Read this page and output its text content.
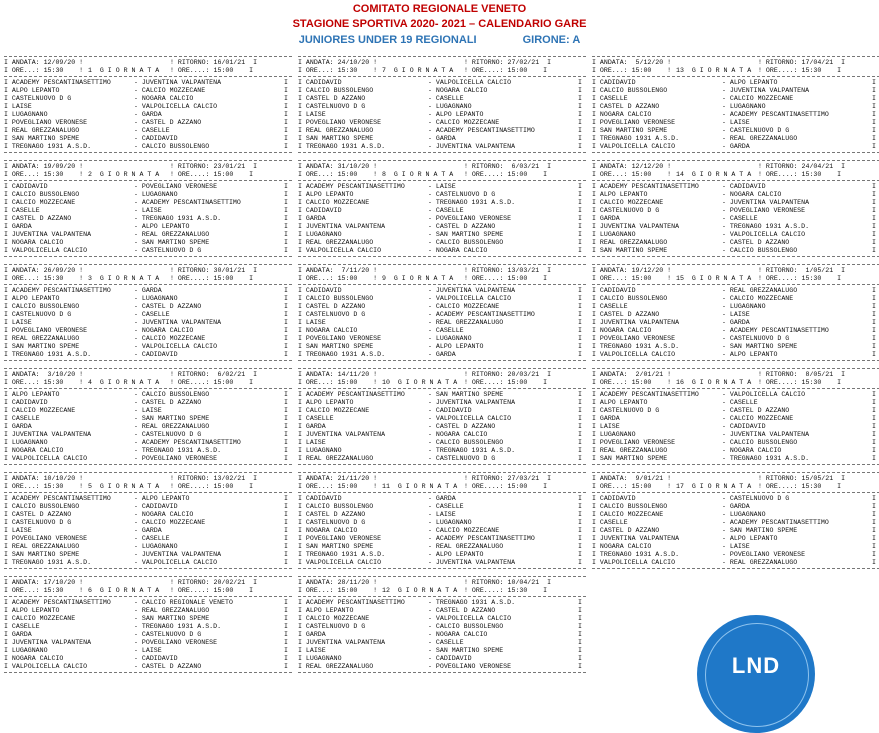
COMITATO REGIONALE VENETO
STAGIONE SPORTIVA 2020- 2021 – CALENDARIO GARE
JUNIORES UNDER 19 REGIONALI	GIRONE: A
I ANDATA: 12/09/20 !	! RITORNO: 16/01/21  I
I ORE...: 15:30    ! 1  G I O R N A T A ! ORE....: 15:00    I
I ACADEMY PESCANTINASETTIMO	- JUVENTINA VALPANTENA	I
I ALPO LEPANTO	- CALCIO MOZZECANE	I
I CASTELNUOVO D G	- NOGARA CALCIO	I
I LAISE	- VALPOLICELLA CALCIO	I
I LUGAGNANO	- GARDA	I
I POVEGLIANO VERONESE	- CASTEL D AZZANO	I
I REAL GREZZANALUGO	- CASELLE	I
I SAN MARTINO SPEME	- CADIDAVID	I
I TREGNAGO 1931 A.S.D.	- CALCIO BUSSOLENGO	I
I ANDATA: 19/09/20 !	! RITORNO: 23/01/21  I
I ORE...: 15:30    ! 2  G I O R N A T A ! ORE....: 15:00    I
I CADIDAVID	- POVEGLIANO VERONESE	I
I CALCIO BUSSOLENGO	- LUGAGNANO	I
I CALCIO MOZZECANE	- ACADEMY PESCANTINASETTIMO	I
I CASELLE	- LAISE	I
I CASTEL D AZZANO	- TREGNAGO 1931 A.S.D.	I
I GARDA	- ALPO LEPANTO	I
I JUVENTINA VALPANTENA	- REAL GREZZANALUGO	I
I NOGARA CALCIO	- SAN MARTINO SPEME	I
I VALPOLICELLA CALCIO	- CASTELNUOVO D G	I
I ANDATA: 26/09/20 !	! RITORNO: 30/01/21  I
I ORE...: 15:30    ! 3  G I O R N A T A ! ORE....: 15:00    I
I ACADEMY PESCANTINASETTIMO	- GARDA	I
I ALPO LEPANTO	- LUGAGNANO	I
I CALCIO BUSSOLENGO	- CASTEL D AZZANO	I
I CASTELNUOVO D G	- CASELLE	I
I LAISE	- JUVENTINA VALPANTENA	I
I POVEGLIANO VERONESE	- NOGARA CALCIO	I
I REAL GREZZANALUGO	- CALCIO MOZZECANE	I
I SAN MARTINO SPEME	- VALPOLICELLA CALCIO	I
I TREGNAGO 1931 A.S.D.	- CADIDAVID	I
I ANDATA:  3/10/20 !	! RITORNO:  6/02/21  I
I ORE...: 15:30    ! 4  G I O R N A T A ! ORE....: 15:00    I
I ALPO LEPANTO	- CALCIO BUSSOLENGO	I
I CADIDAVID	- CASTEL D AZZANO	I
I CALCIO MOZZECANE	- LAISE	I
I CASELLE	- SAN MARTINO SPEME	I
I GARDA	- REAL GREZZANALUGO	I
I JUVENTINA VALPANTENA	- CASTELNUOVO D G	I
I LUGAGNANO	- ACADEMY PESCANTINASETTIMO	I
I NOGARA CALCIO	- TREGNAGO 1931 A.S.D.	I
I VALPOLICELLA CALCIO	- POVEGLIANO VERONESE	I
I ANDATA: 10/10/20 !	! RITORNO: 13/02/21  I
I ORE...: 15:30    ! 5  G I O R N A T A ! ORE....: 15:00    I
I ACADEMY PESCANTINASETTIMO	- ALPO LEPANTO	I
I CALCIO BUSSOLENGO	- CADIDAVID	I
I CASTEL D AZZANO	- NOGARA CALCIO	I
I CASTELNUOVO D G	- CALCIO MOZZECANE	I
I LAISE	- GARDA	I
I POVEGLIANO VERONESE	- CASELLE	I
I REAL GREZZANALUGO	- LUGAGNANO	I
I SAN MARTINO SPEME	- JUVENTINA VALPANTENA	I
I TREGNAGO 1931 A.S.D.	- VALPOLICELLA CALCIO	I
I ANDATA: 17/10/20 !	! RITORNO: 20/02/21  I
I ORE...: 15:30    ! 6  G I O R N A T A ! ORE....: 15:00    I
I ACADEMY PESCANTINASETTIMO	- CALCIO REGIONALE VENETO	I
I ALPO LEPANTO	- REAL GREZZANALUGO	I
I CALCIO MOZZECANE	- SAN MARTINO SPEME	I
I CASELLE	- TREGNAGO 1931 A.S.D.	I
I GARDA	- CASTELNUOVO D G	I
I JUVENTINA VALPANTENA	- POVEGLIANO VERONESE	I
I LUGAGNANO	- LAISE	I
I NOGARA CALCIO	- CADIDAVID	I
I VALPOLICELLA CALCIO	- CASTEL D AZZANO	I
I ANDATA: 24/10/20 !	! RITORNO: 27/02/21  I
I ORE...: 15:30    ! 7  G I O R N A T A ! ORE....: 15:00    I
I CADIDAVID	- VALPOLICELLA CALCIO	I
I CALCIO BUSSOLENGO	- NOGARA CALCIO	I
I CASTEL D AZZANO	- CASELLE	I
I CASTELNUOVO D G	- LUGAGNANO	I
I LAISE	- ALPO LEPANTO	I
I POVEGLIANO VERONESE	- CALCIO MOZZECANE	I
I REAL GREZZANALUGO	- ACADEMY PESCANTINASETTIMO	I
I SAN MARTINO SPEME	- GARDA	I
I TREGNAGO 1931 A.S.D.	- JUVENTINA VALPANTENA	I
I ANDATA: 31/10/20 !	! RITORNO:  6/03/21  I
I ORE...: 15:00    ! 8  G I O R N A T A ! ORE....: 15:00    I
I ACADEMY PESCANTINASETTIMO	- LAISE	I
I ALPO LEPANTO	- CASTELNUOVO D G	I
I CALCIO MOZZECANE	- TREGNAGO 1931 A.S.D.	I
I CADIDAVID	- CASELLE	I
I GARDA	- POVEGLIANO VERONESE	I
I JUVENTINA VALPANTENA	- CASTEL D AZZANO	I
I LUGAGNANO	- SAN MARTINO SPEME	I
I REAL GREZZANALUGO	- CALCIO BUSSOLENGO	I
I VALPOLICELLA CALCIO	- NOGARA CALCIO	I
I ANDATA:  7/11/20 !	! RITORNO: 13/03/21  I
I ORE...: 15:00    ! 9  G I O R N A T A ! ORE....: 15:00    I
I CADIDAVID	- JUVENTINA VALPANTENA	I
I CALCIO BUSSOLENGO	- VALPOLICELLA CALCIO	I
I CASTEL D AZZANO	- CALCIO MOZZECANE	I
I CASTELNUOVO D G	- ACADEMY PESCANTINASETTIMO	I
I LAISE	- REAL GREZZANALUGO	I
I NOGARA CALCIO	- CASELLE	I
I POVEGLIANO VERONESE	- LUGAGNANO	I
I SAN MARTINO SPEME	- ALPO LEPANTO	I
I TREGNAGO 1931 A.S.D.	- GARDA	I
I ANDATA: 14/11/20 !	! RITORNO: 20/03/21  I
I ORE...: 15:00    ! 10  G I O R N A T A ! ORE....: 15:00    I
I ACADEMY PESCANTINASETTIMO	- SAN MARTINO SPEME	I
I ALPO LEPANTO	- JUVENTINA VALPANTENA	I
I CALCIO MOZZECANE	- CADIDAVID	I
I CASELLE	- VALPOLICELLA CALCIO	I
I GARDA	- CASTEL D AZZANO	I
I JUVENTINA VALPANTENA	- NOGARA CALCIO	I
I LAISE	- CALCIO BUSSOLENGO	I
I LUGAGNANO	- TREGNAGO 1931 A.S.D.	I
I REAL GREZZANALUGO	- CASTELNUOVO D G	I
I ANDATA: 21/11/20 !	! RITORNO: 27/03/21  I
I ORE...: 15:00    ! 11  G I O R N A T A ! ORE....: 15:00    I
I CADIDAVID	- GARDA	I
I CALCIO BUSSOLENGO	- CASELLE	I
I CASTEL D AZZANO	- LAISE	I
I CASTELNUOVO D G	- LUGAGNANO	I
I NOGARA CALCIO	- CALCIO MOZZECANE	I
I POVEGLIANO VERONESE	- ACADEMY PESCANTINASETTIMO	I
I SAN MARTINO SPEME	- REAL GREZZANALUGO	I
I TREGNAGO 1931 A.S.D.	- ALPO LEPANTO	I
I VALPOLICELLA CALCIO	- JUVENTINA VALPANTENA	I
I ANDATA: 28/11/20 !	! RITORNO: 10/04/21  I
I ORE...: 15:00    ! 12  G I O R N A T A ! ORE....: 15:30    I
I ACADEMY PESCANTINASETTIMO	- TREGNAGO 1931 A.S.D.	I
I ALPO LEPANTO	- CASTEL D AZZANO	I
I CALCIO MOZZECANE	- VALPOLICELLA CALCIO	I
I CASTELNUOVO D G	- CALCIO BUSSOLENGO	I
I GARDA	- NOGARA CALCIO	I
I JUVENTINA VALPANTENA	- CASELLE	I
I LAISE	- SAN MARTINO SPEME	I
I LUGAGNANO	- CADIDAVID	I
I REAL GREZZANALUGO	- POVEGLIANO VERONESE	I
I ANDATA:  5/12/20 !	! RITORNO: 17/04/21  I
I ORE...: 15:00    ! 13  G I O R N A T A ! ORE....: 15:30    I
I CADIDAVID	- ALPO LEPANTO	I
I CALCIO BUSSOLENGO	- JUVENTINA VALPANTENA	I
I CASELLE	- CALCIO MOZZECANE	I
I CASTEL D AZZANO	- LUGAGNANO	I
I NOGARA CALCIO	- ACADEMY PESCANTINASETTIMO	I
I POVEGLIANO VERONESE	- LAISE	I
I SAN MARTINO SPEME	- CASTELNUOVO D G	I
I TREGNAGO 1931 A.S.D.	- REAL GREZZANALUGO	I
I VALPOLICELLA CALCIO	- GARDA	I
I ANDATA: 12/12/20 !	! RITORNO: 24/04/21  I
I ORE...: 15:00    ! 14  G I O R N A T A ! ORE....: 15:30    I
I ACADEMY PESCANTINASETTIMO	- CADIDAVID	I
I ALPO LEPANTO	- NOGARA CALCIO	I
I CALCIO MOZZECANE	- JUVENTINA VALPANTENA	I
I CASTELNUOVO D G	- POVEGLIANO VERONESE	I
I GARDA	- CASELLE	I
I JUVENTINA VALPANTENA	- TREGNAGO 1931 A.S.D.	I
I LUGAGNANO	- VALPOLICELLA CALCIO	I
I REAL GREZZANALUGO	- CASTEL D AZZANO	I
I SAN MARTINO SPEME	- CALCIO BUSSOLENGO	I
I ANDATA: 19/12/20 !	! RITORNO:  1/05/21  I
I ORE...: 15:00    ! 15  G I O R N A T A ! ORE....: 15:30    I
I CADIDAVID	- REAL GREZZANALUGO	I
I CALCIO BUSSOLENGO	- CALCIO MOZZECANE	I
I CASELLE	- LUGAGNANO	I
I CASTEL D AZZANO	- LAISE	I
I JUVENTINA VALPANTENA	- GARDA	I
I NOGARA CALCIO	- ACADEMY PESCANTINASETTIMO	I
I POVEGLIANO VERONESE	- CASTELNUOVO D G	I
I TREGNAGO 1931 A.S.D.	- SAN MARTINO SPEME	I
I VALPOLICELLA CALCIO	- ALPO LEPANTO	I
I ANDATA:  2/01/21 !	! RITORNO:  8/05/21  I
I ORE...: 15:00    ! 16  G I O R N A T A ! ORE....: 15:30    I
I ACADEMY PESCANTINASETTIMO	- VALPOLICELLA CALCIO	I
I ALPO LEPANTO	- CASELLE	I
I CASTELNUOVO D G	- CASTEL D AZZANO	I
I GARDA	- CALCIO MOZZECANE	I
I LAISE	- CADIDAVID	I
I LUGAGNANO	- JUVENTINA VALPANTENA	I
I POVEGLIANO VERONESE	- CALCIO BUSSOLENGO	I
I REAL GREZZANALUGO	- NOGARA CALCIO	I
I SAN MARTINO SPEME	- TREGNAGO 1931 A.S.D.	I
I ANDATA:  9/01/21 !	! RITORNO: 15/05/21  I
I ORE...: 15:00    ! 17  G I O R N A T A ! ORE....: 15:30    I
I CADIDAVID	- CASTELNUOVO D G	I
I CALCIO BUSSOLENGO	- GARDA	I
I CALCIO MOZZECANE	- LUGAGNANO	I
I CASELLE	- ACADEMY PESCANTINASETTIMO	I
I CASTEL D AZZANO	- SAN MARTINO SPEME	I
I JUVENTINA VALPANTENA	- ALPO LEPANTO	I
I NOGARA CALCIO	- LAISE	I
I TREGNAGO 1931 A.S.D.	- POVEGLIANO VERONESE	I
I VALPOLICELLA CALCIO	- REAL GREZZANALUGO	I
LND
